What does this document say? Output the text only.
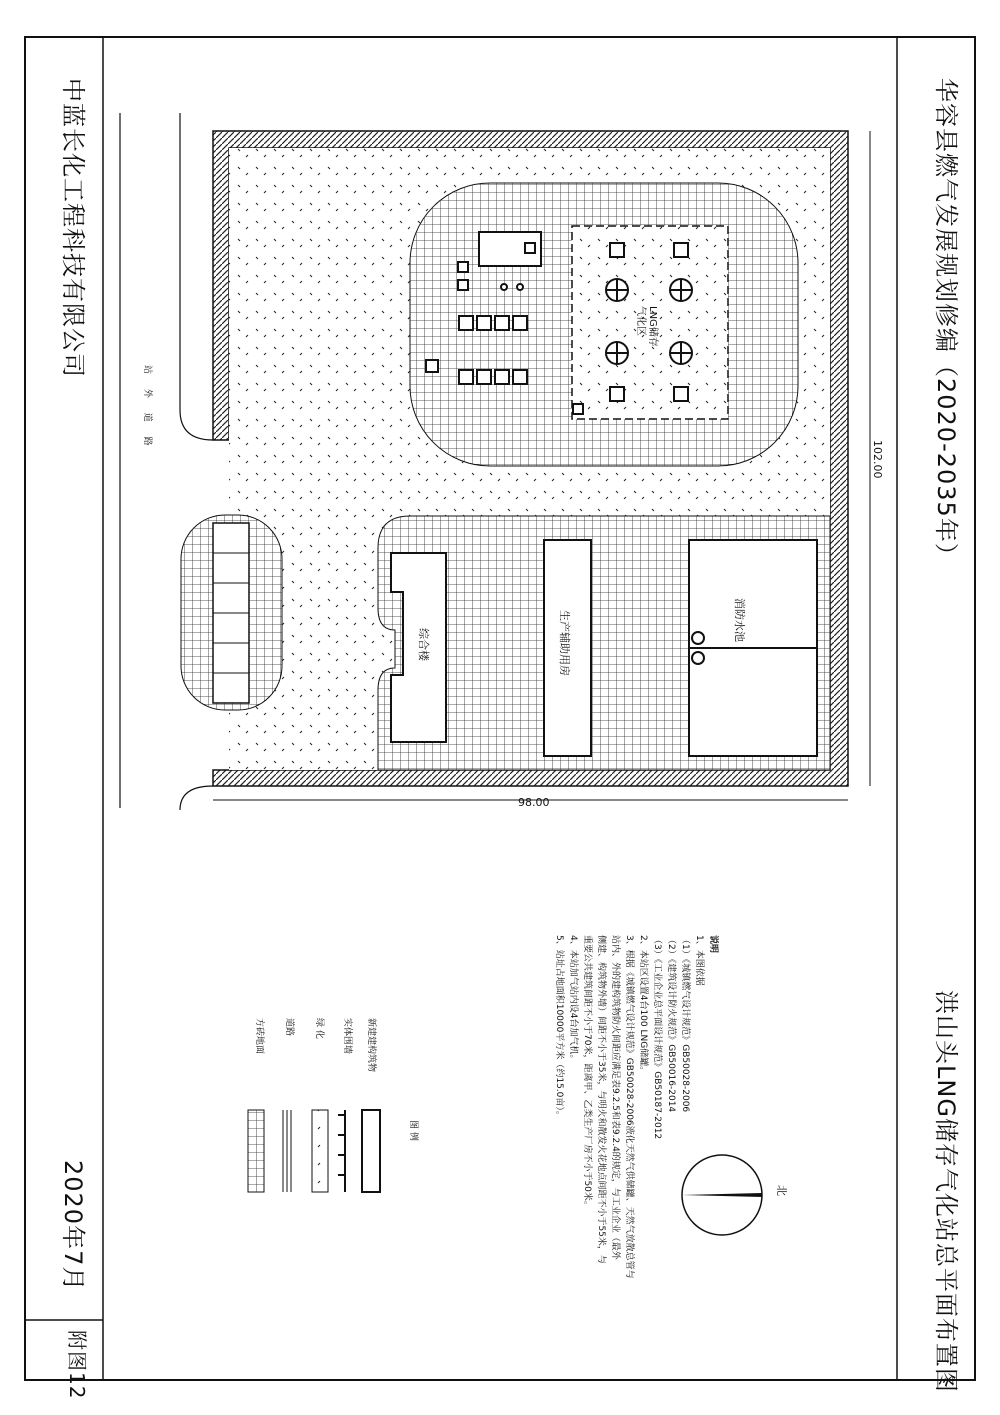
华容县燃气发展规划修编（2020-2035年）
洪山头LNG储存气化站总平面布置图
中蓝长化工程科技有限公司
2020年7月
附图12
102.00
98.00
站 外 道 路
LNG储存
气化区
消防水池
生产辅助用房
综合楼
北
说明
1、本图依据
（1）《城镇燃气设计规范》GB50028-2006
（2）《建筑设计防火规范》GB50016-2014
（3）《工业企业总平面设计规范》GB50187-2012
2、本站区设置4台100 LNG储罐。
3、根据《城镇燃气设计规范》GB50028-2006液化天然气供储罐、天然气放散总管与
站内、外的建构筑物防火间距应满足表9.2.5和表9.2.4的规定，与工业企业（最外
侧建、构筑物外墙）间距不小于35米，与明火和散发火花地点间距不小于55米，与
重要公共建筑间距不小于70米，距离甲、乙类生产厂房不小于50米。
4、本站加气站内设4台加气机。
5、站址占地面积10000平方米（约15.0亩）。
图 例
新建建构筑物
实体围墙
绿 化
道路
方砖地面
